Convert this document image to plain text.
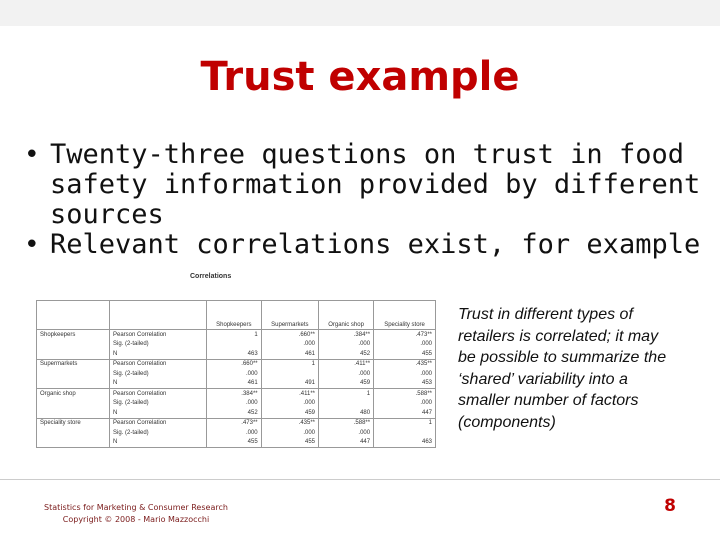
Trust example
• Twenty-three questions on trust in food safety information provided by different sources
• Relevant correlations exist, for example
Correlations
		Shopkeepers	Supermarkets	Organic shop	Speciality store
Shopkeepers	Pearson Correlation	1	.660**	.384**	.473**
	Sig. (2-tailed)		.000	.000	.000
	N	463	461	452	455
Supermarkets	Pearson Correlation	.660**	1	.411**	.435**
	Sig. (2-tailed)	.000		.000	.000
	N	461	491	459	453
Organic shop	Pearson Correlation	.384**	.411**	1	.588**
	Sig. (2-tailed)	.000	.000		.000
	N	452	459	480	447
Speciality store	Pearson Correlation	.473**	.435**	.588**	1
	Sig. (2-tailed)	.000	.000	.000	
	N	455	455	447	463
Trust in different types of retailers is correlated; it may be possible to summarize the ‘shared’ variability into a smaller number of factors (components)
Statistics for Marketing & Consumer Research
Copyright © 2008 - Mario Mazzocchi
8
